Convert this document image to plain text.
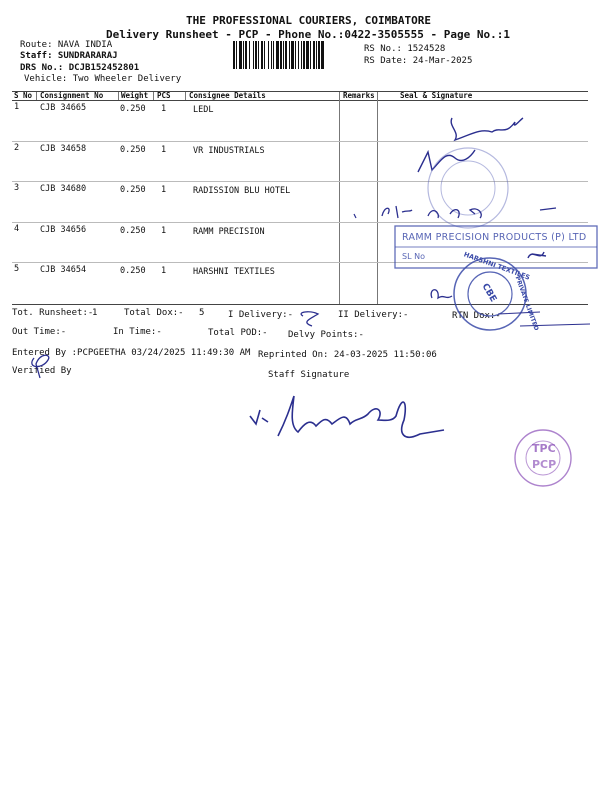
THE PROFESSIONAL COURIERS, COIMBATORE
Delivery Runsheet - PCP - Phone No.:0422-3505555 - Page No.:1
Route: NAVA INDIA
Staff: SUNDRARARAJ
DRS No.: DCJB152452801
Vehicle: Two Wheeler Delivery
RS No.: 1524528
RS Date: 24-Mar-2025
S No Consignment No Weight PCS Consignee Details	Remarks	Seal & Signature
1 CJB 34665	0.250 1	LEDL
2 CJB 34658	0.250 1	VR INDUSTRIALS
3 CJB 34680	0.250 1	RADISSION BLU HOTEL
4 CJB 34656	0.250 1	RAMM PRECISION
5 CJB 34654	0.250 1	HARSHNI TEXTILES
Tot. Runsheet:-
1	Total Dox:- 5	I Delivery:-	II Delivery:-	RTN Dox:-
Out Time:-	In Time:-	Total POD:- Delvy Points:-
Entered By :PCPGEETHA 03/24/2025 11:49:30 AM Reprinted On: 24-03-2025 11:50:06
Verified By	Staff Signature
RAMM PRECISION PRODUCTS (P) LTD
SL No	HARSHNI TEXTILES
PRIVATE LIMITED
CBE
TPC
PCP
